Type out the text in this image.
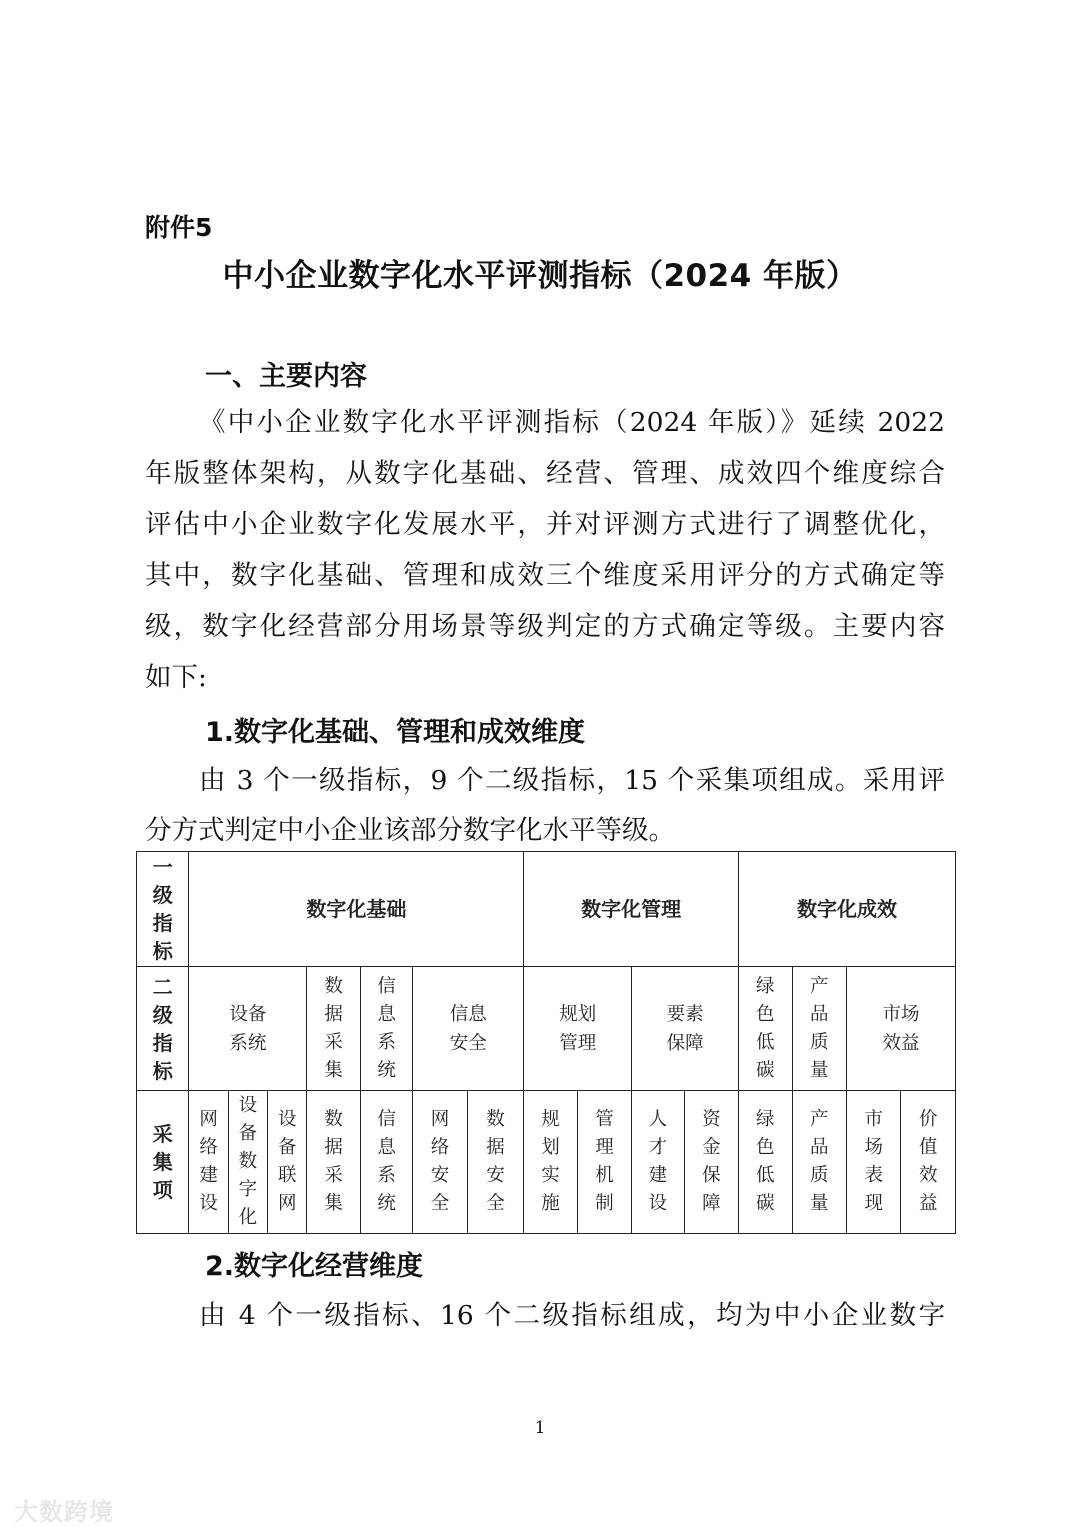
附件5
中小企业数字化水平评测指标（2024 年版）
一、主要内容
《中小企业数字化水平评测指标（2024 年版）》延续 2022
年版整体架构，从数字化基础、经营、管理、成效四个维度综合
评估中小企业数字化发展水平，并对评测方式进行了调整优化，
其中，数字化基础、管理和成效三个维度采用评分的方式确定等
级，数字化经营部分用场景等级判定的方式确定等级。主要内容
如下:
1.数字化基础、管理和成效维度
由 3 个一级指标，9 个二级指标，15 个采集项组成。采用评
分方式判定中小企业该部分数字化水平等级。
一级指标	数字化基础							数字化管理				数字化成效			
二级指标	设备系统			数据采集	信息系统	信息安全		规划管理		要素保障		绿色低碳	产品质量	市场效益	
采集项	网络建设	设备数字化	设备联网	数据采集	信息系统	网络安全	数据安全	规划实施	管理机制	人才建设	资金保障	绿色低碳	产品质量	市场表现	价值效益
2.数字化经营维度
由 4 个一级指标、16 个二级指标组成，均为中小企业数字
1
大数跨境
